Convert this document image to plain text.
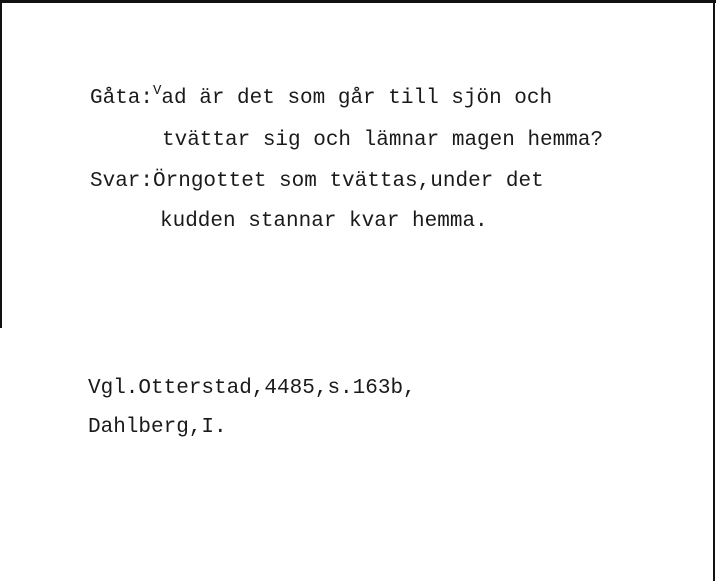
Gåta:$^V$ad är det som går till sjön och
tvättar sig och lämnar magen hemma?
Svar:Örngottet som tvättas,under det
kudden stannar kvar hemma.
Vgl.Otterstad,4485,s.163b,
Dahlberg,I.
